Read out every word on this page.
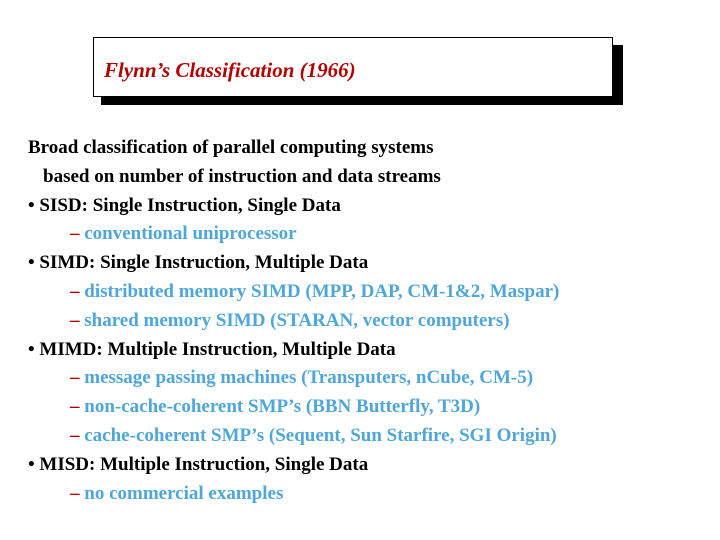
Flynn’s Classification (1966)
Broad classification of parallel computing systems
based on number of instruction and data streams
• SISD: Single Instruction, Single Data
– conventional uniprocessor
• SIMD: Single Instruction, Multiple Data
– distributed memory SIMD (MPP, DAP, CM-1&2, Maspar)
– shared memory SIMD (STARAN, vector computers)
• MIMD: Multiple Instruction, Multiple Data
– message passing machines (Transputers, nCube, CM-5)
– non-cache-coherent SMP’s (BBN Butterfly, T3D)
– cache-coherent SMP’s (Sequent, Sun Starfire, SGI Origin)
• MISD: Multiple Instruction, Single Data
– no commercial examples
